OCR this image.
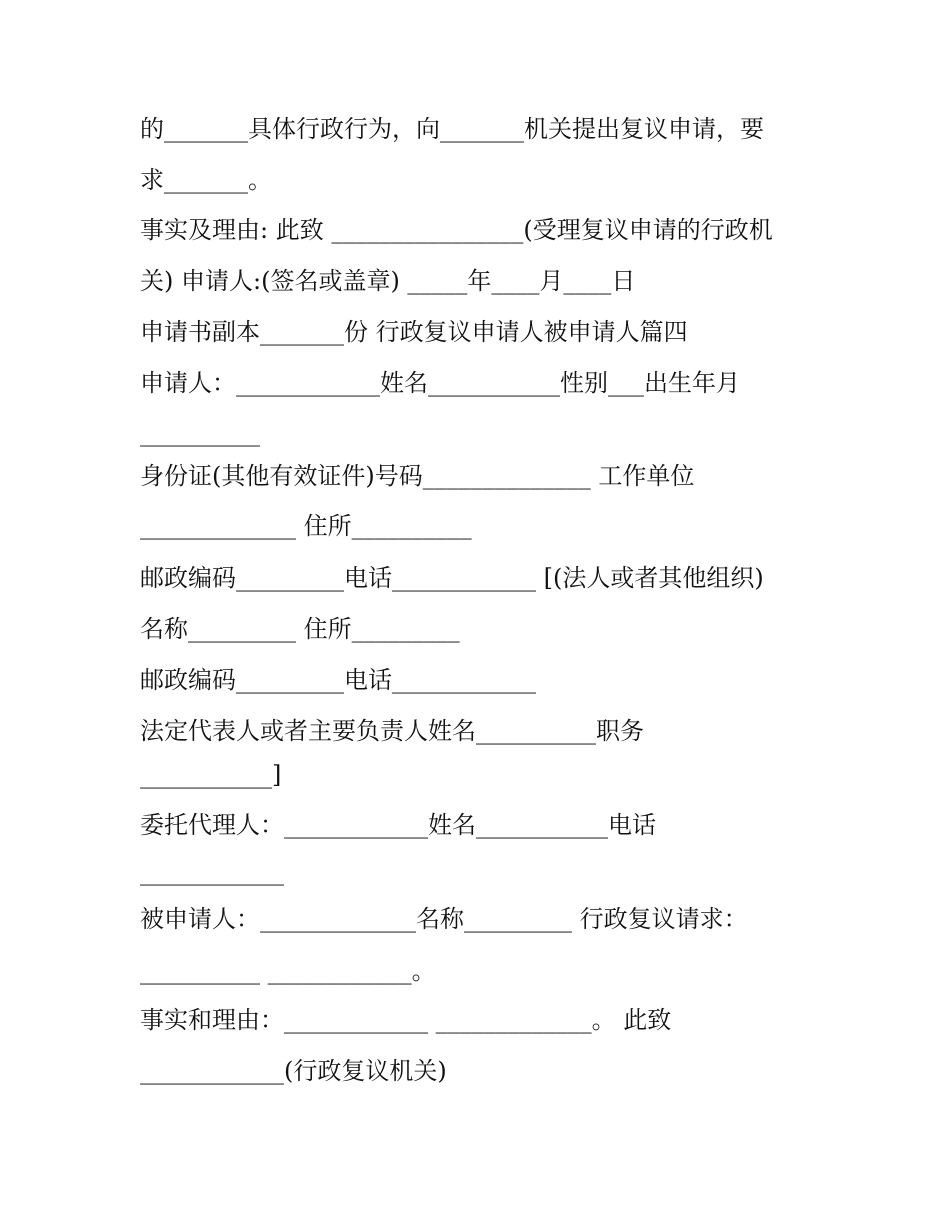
的_______具体行政行为，向_______机关提出复议申请，要

求_______。

事实及理由: 此致 ________________(受理复议申请的行政机

关) 申请人:(签名或盖章) _____年____月____日

申请书副本_______份 行政复议申请人被申请人篇四

申请人：____________姓名___________性别___出生年月

__________

身份证(其他有效证件)号码______________ 工作单位

_____________ 住所__________

邮政编码_________电话____________ [(法人或者其他组织)

名称_________ 住所_________

邮政编码_________电话____________

法定代表人或者主要负责人姓名__________职务

___________]

委托代理人：____________姓名___________电话

____________

被申请人：_____________名称_________ 行政复议请求：

__________ ____________。

事实和理由：____________ _____________。 此致

____________(行政复议机关)
